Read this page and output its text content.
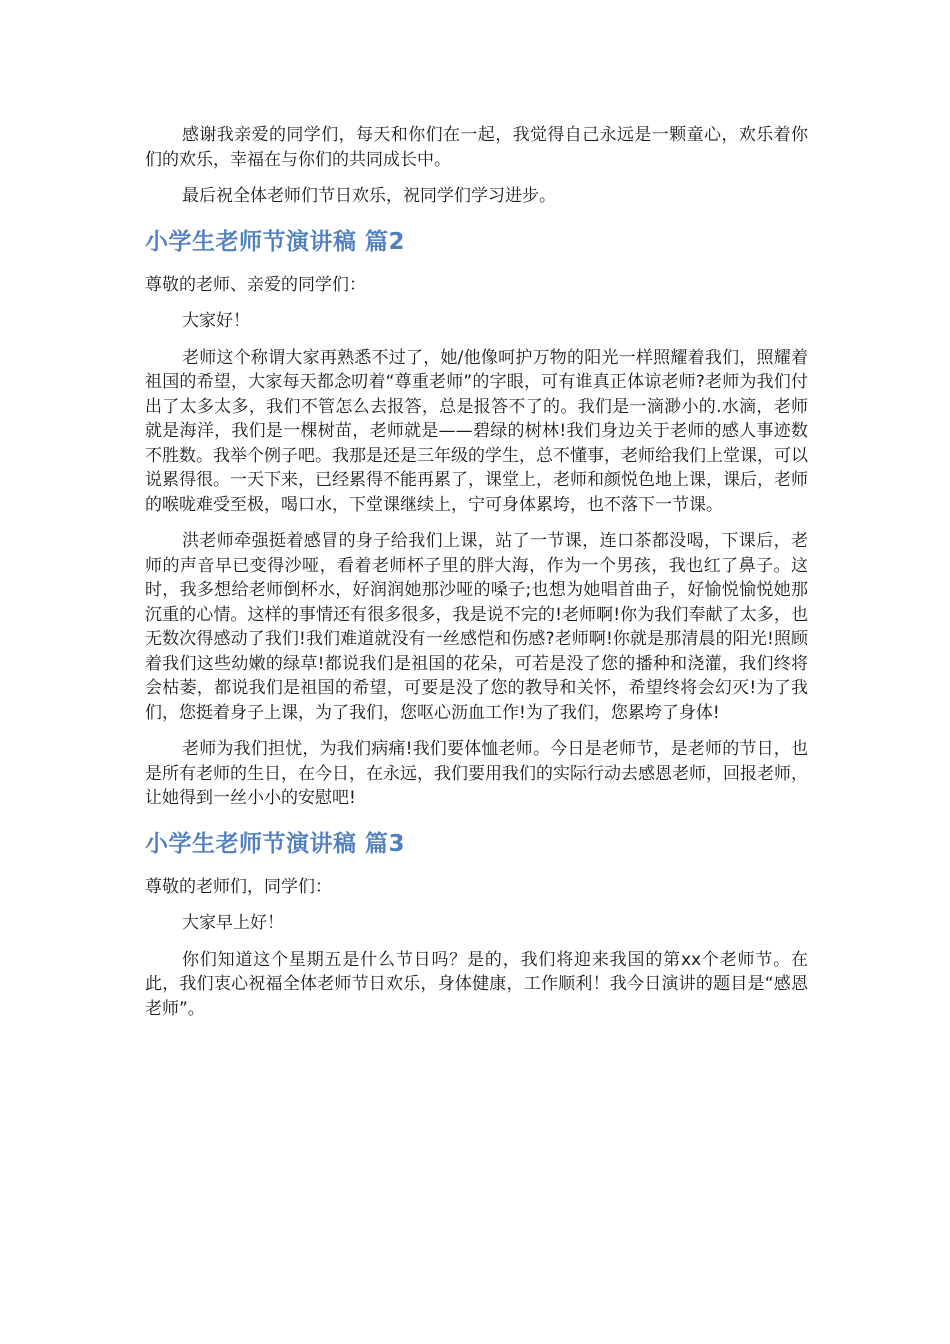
感谢我亲爱的同学们，每天和你们在一起，我觉得自己永远是一颗童心，欢乐着你们的欢乐，幸福在与你们的共同成长中。

最后祝全体老师们节日欢乐，祝同学们学习进步。

小学生老师节演讲稿 篇2

尊敬的老师、亲爱的同学们：

大家好！

老师这个称谓大家再熟悉不过了，她/他像呵护万物的阳光一样照耀着我们，照耀着祖国的希望，大家每天都念叨着“尊重老师”的字眼，可有谁真正体谅老师?老师为我们付出了太多太多，我们不管怎么去报答，总是报答不了的。我们是一滴渺小的.水滴，老师就是海洋，我们是一棵树苗，老师就是——碧绿的树林!我们身边关于老师的感人事迹数不胜数。我举个例子吧。我那是还是三年级的学生，总不懂事，老师给我们上堂课，可以说累得很。一天下来，已经累得不能再累了，课堂上，老师和颜悦色地上课，课后，老师的喉咙难受至极，喝口水，下堂课继续上，宁可身体累垮，也不落下一节课。

洪老师牵强挺着感冒的身子给我们上课，站了一节课，连口茶都没喝，下课后，老师的声音早已变得沙哑，看着老师杯子里的胖大海，作为一个男孩，我也红了鼻子。这时，我多想给老师倒杯水，好润润她那沙哑的嗓子;也想为她唱首曲子，好愉悦愉悦她那沉重的心情。这样的事情还有很多很多，我是说不完的!老师啊!你为我们奉献了太多，也无数次得感动了我们!我们难道就没有一丝感恺和伤感?老师啊!你就是那清晨的阳光!照顾着我们这些幼嫩的绿草!都说我们是祖国的花朵，可若是没了您的播种和浇灌，我们终将会枯萎，都说我们是祖国的希望，可要是没了您的教导和关怀，希望终将会幻灭!为了我们，您挺着身子上课，为了我们，您呕心沥血工作!为了我们，您累垮了身体!

老师为我们担忧，为我们病痛!我们要体恤老师。今日是老师节，是老师的节日，也是所有老师的生日，在今日，在永远，我们要用我们的实际行动去感恩老师，回报老师，让她得到一丝小小的安慰吧!

小学生老师节演讲稿 篇3

尊敬的老师们，同学们：

大家早上好！

你们知道这个星期五是什么节日吗？是的，我们将迎来我国的第xx个老师节。在此，我们衷心祝福全体老师节日欢乐，身体健康，工作顺利！我今日演讲的题目是“感恩老师”。
